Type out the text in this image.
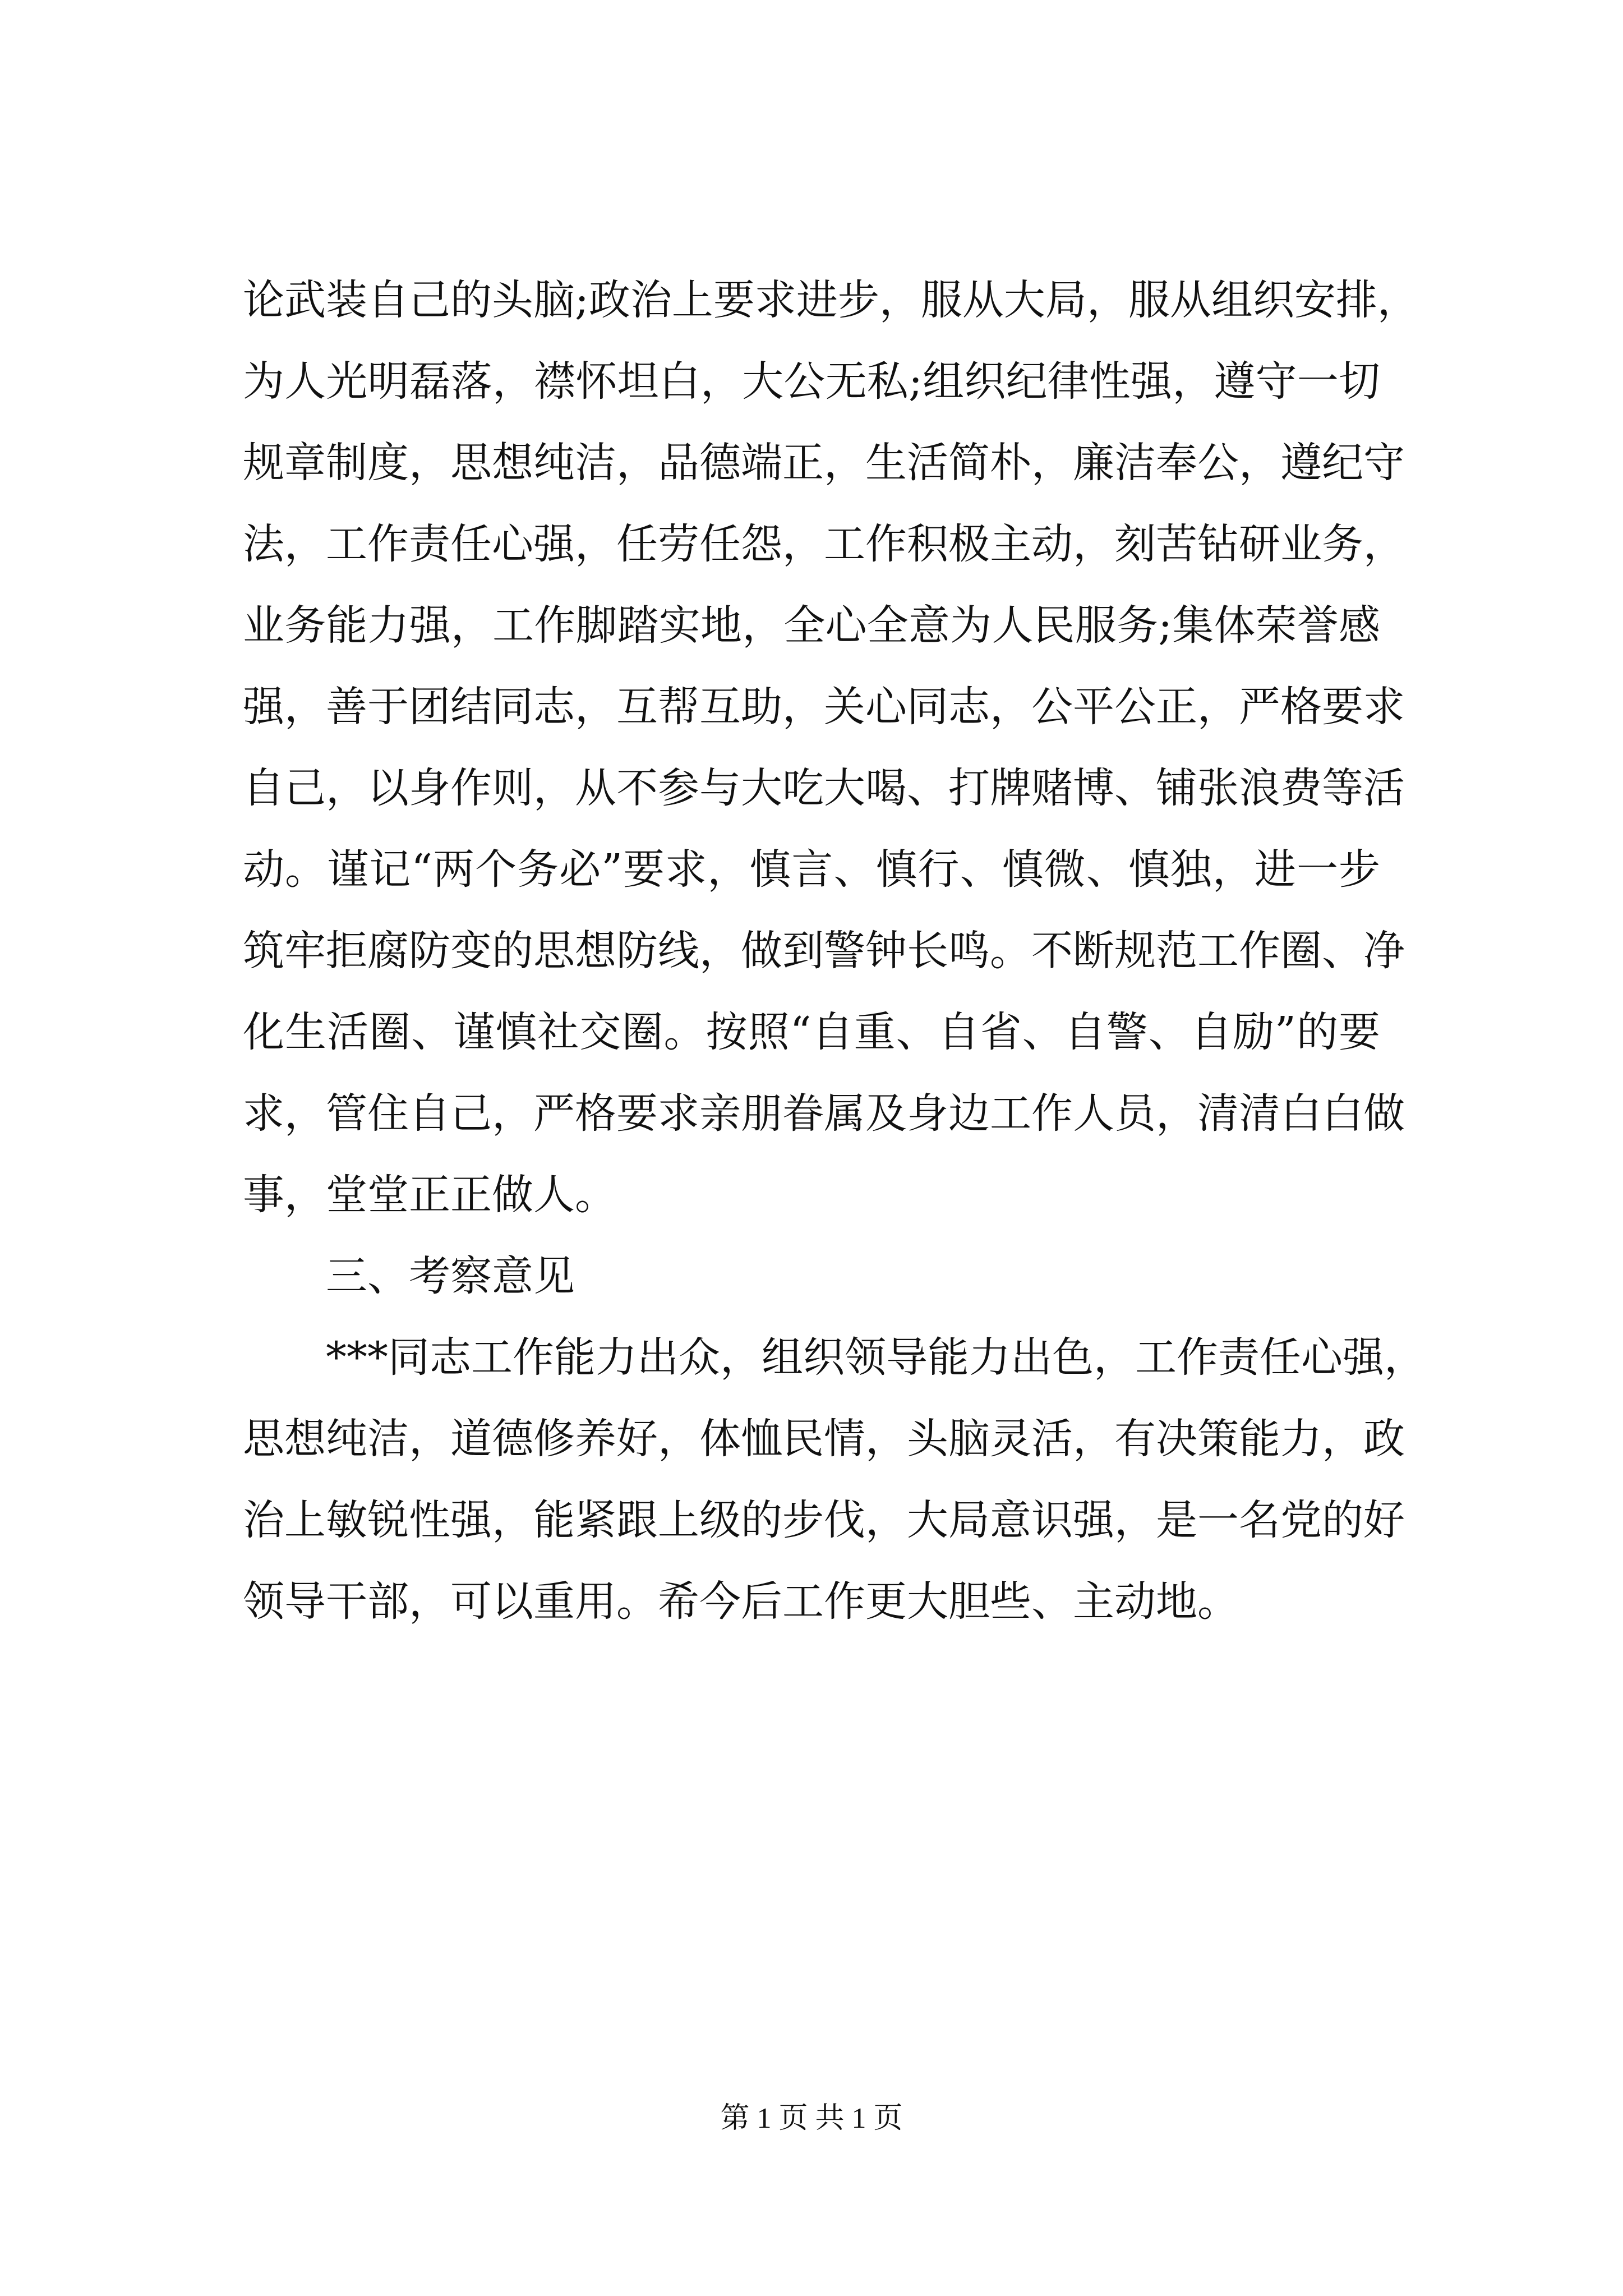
论武装自己的头脑;政治上要求进步，服从大局，服从组织安排，
为人光明磊落，襟怀坦白，大公无私;组织纪律性强，遵守一切
规章制度，思想纯洁，品德端正，生活简朴，廉洁奉公，遵纪守
法，工作责任心强，任劳任怨，工作积极主动，刻苦钻研业务，
业务能力强，工作脚踏实地，全心全意为人民服务;集体荣誉感
强，善于团结同志，互帮互助，关心同志，公平公正，严格要求
自己，以身作则，从不参与大吃大喝、打牌赌博、铺张浪费等活
动。谨记“两个务必”要求，慎言、慎行、慎微、慎独，进一步
筑牢拒腐防变的思想防线，做到警钟长鸣。不断规范工作圈、净
化生活圈、谨慎社交圈。按照“自重、自省、自警、自励”的要
求，管住自己，严格要求亲朋眷属及身边工作人员，清清白白做
事，堂堂正正做人。
三、考察意见
***同志工作能力出众，组织领导能力出色，工作责任心强，
思想纯洁，道德修养好，体恤民情，头脑灵活，有决策能力，政
治上敏锐性强，能紧跟上级的步伐，大局意识强，是一名党的好
领导干部，可以重用。希今后工作更大胆些、主动地。
第 1 页 共 1 页
